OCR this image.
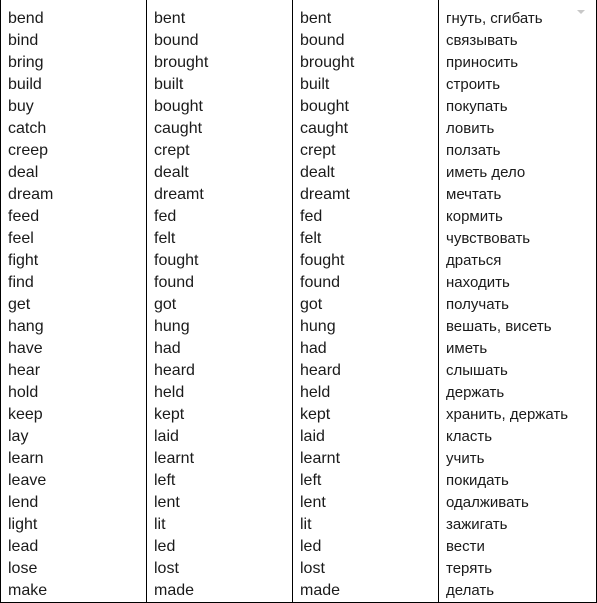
bend
bind
bring
build
buy
catch
creep
deal
dream
feed
feel
fight
find
get
hang
have
hear
hold
keep
lay
learn
leave
lend
light
lead
lose
make
bent
bound
brought
built
bought
caught
crept
dealt
dreamt
fed
felt
fought
found
got
hung
had
heard
held
kept
laid
learnt
left
lent
lit
led
lost
made
bent
bound
brought
built
bought
caught
crept
dealt
dreamt
fed
felt
fought
found
got
hung
had
heard
held
kept
laid
learnt
left
lent
lit
led
lost
made
гнуть, сгибать
связывать
приносить
строить
покупать
ловить
ползать
иметь дело
мечтать
кормить
чувствовать
драться
находить
получать
вешать, висеть
иметь
слышать
держать
хранить, держать
класть
учить
покидать
одалживать
зажигать
вести
терять
делать
